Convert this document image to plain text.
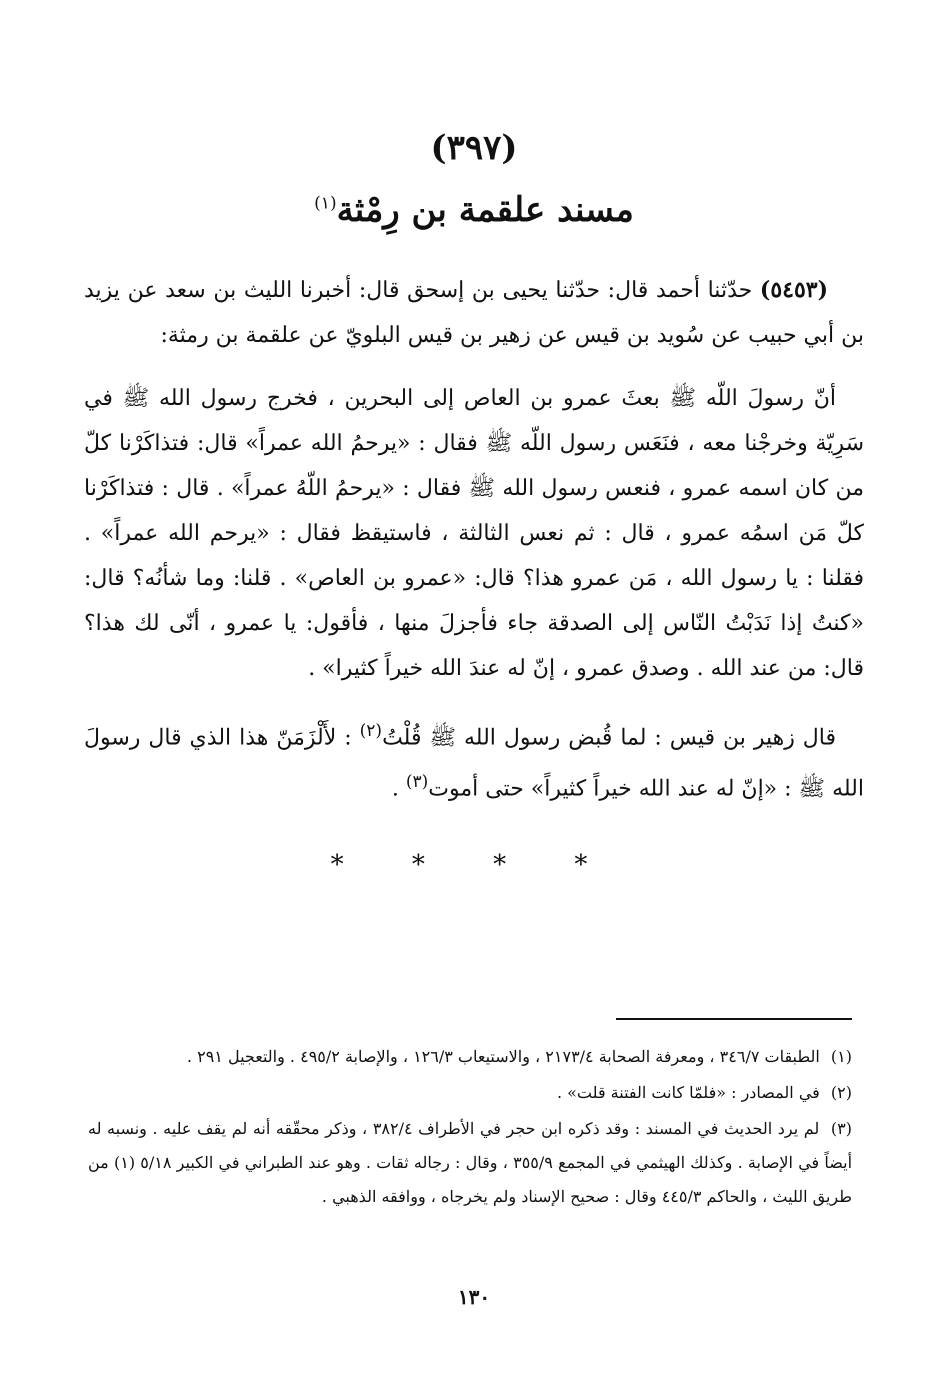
(٣٩٧)
مسند علقمة بن رِمْثة$^{(١)}$

(٥٤٥٣) حدّثنا أحمد قال: حدّثنا يحيى بن إسحق قال: أخبرنا الليث بن سعد عن يزيد بن أبي حبيب عن سُويد بن قيس عن زهير بن قيس البلويّ عن علقمة بن رمثة:

أنّ رسولَ اللّه ﷺ بعثَ عمرو بن العاص إلى البحرين ، فخرج رسول الله ﷺ في سَرِيّة وخرجْنا معه ، فنَعَس رسول اللّه ﷺ فقال : «يرحمُ الله عمراً» قال: فتذاكَرْنا كلّ من كان اسمه عمرو ، فنعس رسول الله ﷺ فقال : «يرحمُ اللّهُ عمراً» . قال : فتذاكَرْنا كلّ مَن اسمُه عمرو ، قال : ثم نعس الثالثة ، فاستيقظ فقال : «يرحم الله عمراً» . فقلنا : يا رسول الله ، مَن عمرو هذا؟ قال: «عمرو بن العاص» . قلنا: وما شأنُه؟ قال: «كنتُ إذا نَدَبْتُ النّاس إلى الصدقة جاء فأجزلَ منها ، فأقول: يا عمرو ، أنّى لك هذا؟ قال: من عند الله . وصدق عمرو ، إنّ له عندَ الله خيراً كثيرا» .

قال زهير بن قيس : لما قُبض رسول الله ﷺ قُلْتُ$^{(٢)}$ : لأَلْزَمَنّ هذا الذي قال رسولَ الله ﷺ : «إنّ له عند الله خيراً كثيراً» حتى أموت$^{(٣)}$ .

* * * *
(١) الطبقات ٣٤٦/٧ ، ومعرفة الصحابة ٢١٧٣/٤ ، والاستيعاب ١٢٦/٣ ، والإصابة ٤٩٥/٢ . والتعجيل ٢٩١ .
(٢) في المصادر : «فلمّا كانت الفتنة قلت» .
(٣) لم يرد الحديث في المسند : وقد ذكره ابن حجر في الأطراف ٣٨٢/٤ ، وذكر محقّقه أنه لم يقف عليه . ونسبه له أيضاً في الإصابة . وكذلك الهيثمي في المجمع ٣٥٥/٩ ، وقال : رجاله ثقات . وهو عند الطبراني في الكبير ٥/١٨ (١) من طريق الليث ، والحاكم ٤٤٥/٣ وقال : صحيح الإسناد ولم يخرجاه ، ووافقه الذهبي .
١٣٠
